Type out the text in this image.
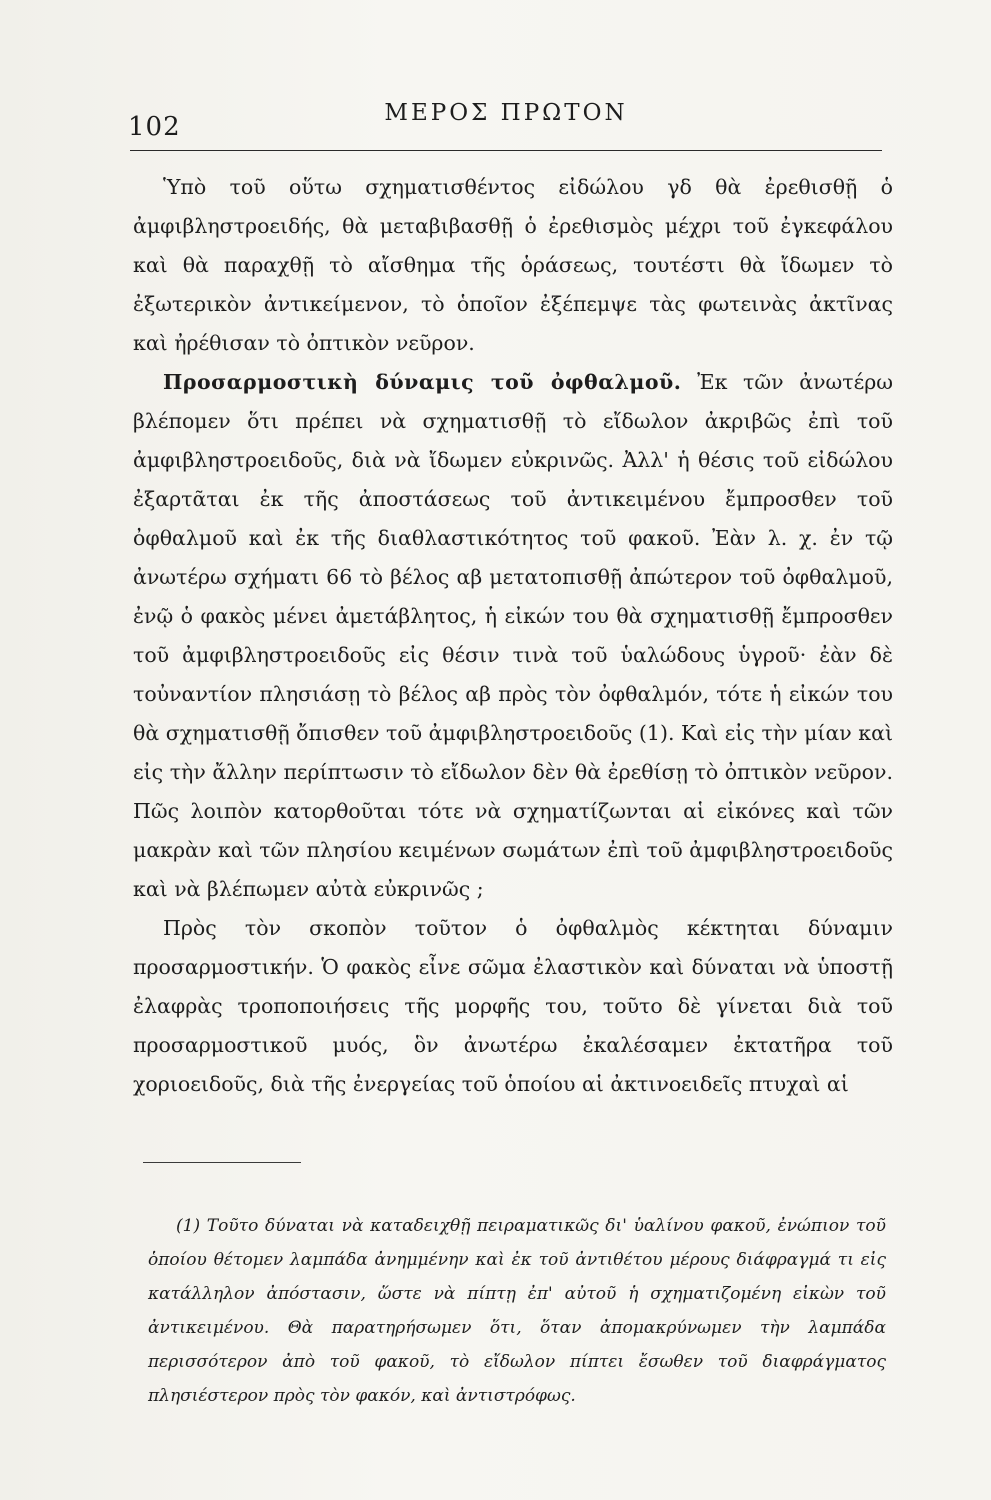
102	ΜΕΡΟΣ ΠΡΩΤΟΝ

Ὑπὸ τοῦ οὕτω σχηματισθέντος εἰδώλου γδ θὰ ἐρεθισθῇ ὁ ἀμφιβληστροειδής, θὰ μεταβιβασθῇ ὁ ἐρεθισμὸς μέχρι τοῦ ἐγκεφάλου καὶ θὰ παραχθῇ τὸ αἴσθημα τῆς ὁράσεως, τουτέστι θὰ ἴδωμεν τὸ ἐξωτερικὸν ἀντικείμενον, τὸ ὁποῖον ἐξέπεμψε τὰς φωτεινὰς ἀκτῖνας καὶ ἠρέθισαν τὸ ὀπτικὸν νεῦρον.

Προσαρμοστικὴ δύναμις τοῦ ὀφθαλμοῦ. Ἐκ τῶν ἀνωτέρω βλέπομεν ὅτι πρέπει νὰ σχηματισθῇ τὸ εἴδωλον ἀκριβῶς ἐπὶ τοῦ ἀμφιβληστροειδοῦς, διὰ νὰ ἴδωμεν εὐκρινῶς. Ἀλλ' ἡ θέσις τοῦ εἰδώλου ἐξαρτᾶται ἐκ τῆς ἀποστάσεως τοῦ ἀντικειμένου ἔμπροσθεν τοῦ ὀφθαλμοῦ καὶ ἐκ τῆς διαθλαστικότητος τοῦ φακοῦ. Ἐὰν λ. χ. ἐν τῷ ἀνωτέρω σχήματι 66 τὸ βέλος αβ μετατοπισθῇ ἀπώτερον τοῦ ὀφθαλμοῦ, ἐνῷ ὁ φακὸς μένει ἀμετάβλητος, ἡ εἰκών του θὰ σχηματισθῇ ἔμπροσθεν τοῦ ἀμφιβληστροειδοῦς εἰς θέσιν τινὰ τοῦ ὑαλώδους ὑγροῦ· ἐὰν δὲ τοὐναντίον πλησιάσῃ τὸ βέλος αβ πρὸς τὸν ὀφθαλμόν, τότε ἡ εἰκών του θὰ σχηματισθῇ ὄπισθεν τοῦ ἀμφιβληστροειδοῦς (1). Καὶ εἰς τὴν μίαν καὶ εἰς τὴν ἄλλην περίπτωσιν τὸ εἴδωλον δὲν θὰ ἐρεθίσῃ τὸ ὀπτικὸν νεῦρον. Πῶς λοιπὸν κατορθοῦται τότε νὰ σχηματίζωνται αἱ εἰκόνες καὶ τῶν μακρὰν καὶ τῶν πλησίου κειμένων σωμάτων ἐπὶ τοῦ ἀμφιβληστροειδοῦς καὶ νὰ βλέπωμεν αὐτὰ εὐκρινῶς ;

Πρὸς τὸν σκοπὸν τοῦτον ὁ ὀφθαλμὸς κέκτηται δύναμιν προσαρμοστικήν. Ὁ φακὸς εἶνε σῶμα ἐλαστικὸν καὶ δύναται νὰ ὑποστῇ ἐλαφρὰς τροποποιήσεις τῆς μορφῆς του, τοῦτο δὲ γίνεται διὰ τοῦ προσαρμοστικοῦ μυός, ὃν ἀνωτέρω ἐκαλέσαμεν ἐκτατῆρα τοῦ χοριοειδοῦς, διὰ τῆς ἐνεργείας τοῦ ὁποίου αἱ ἀκτινοειδεῖς πτυχαὶ αἱ

(1) Τοῦτο δύναται νὰ καταδειχθῇ πειραματικῶς δι' ὑαλίνου φακοῦ, ἐνώπιον τοῦ ὁποίου θέτομεν λαμπάδα ἀνημμένην καὶ ἐκ τοῦ ἀντιθέτου μέρους διάφραγμά τι εἰς κατάλληλον ἀπόστασιν, ὥστε νὰ πίπτῃ ἐπ' αὐτοῦ ἡ σχηματιζομένη εἰκὼν τοῦ ἀντικειμένου. Θὰ παρατηρήσωμεν ὅτι, ὅταν ἀπομακρύνωμεν τὴν λαμπάδα περισσότερον ἀπὸ τοῦ φακοῦ, τὸ εἴδωλον πίπτει ἔσωθεν τοῦ διαφράγματος πλησιέστερον πρὸς τὸν φακόν, καὶ ἀντιστρόφως.
